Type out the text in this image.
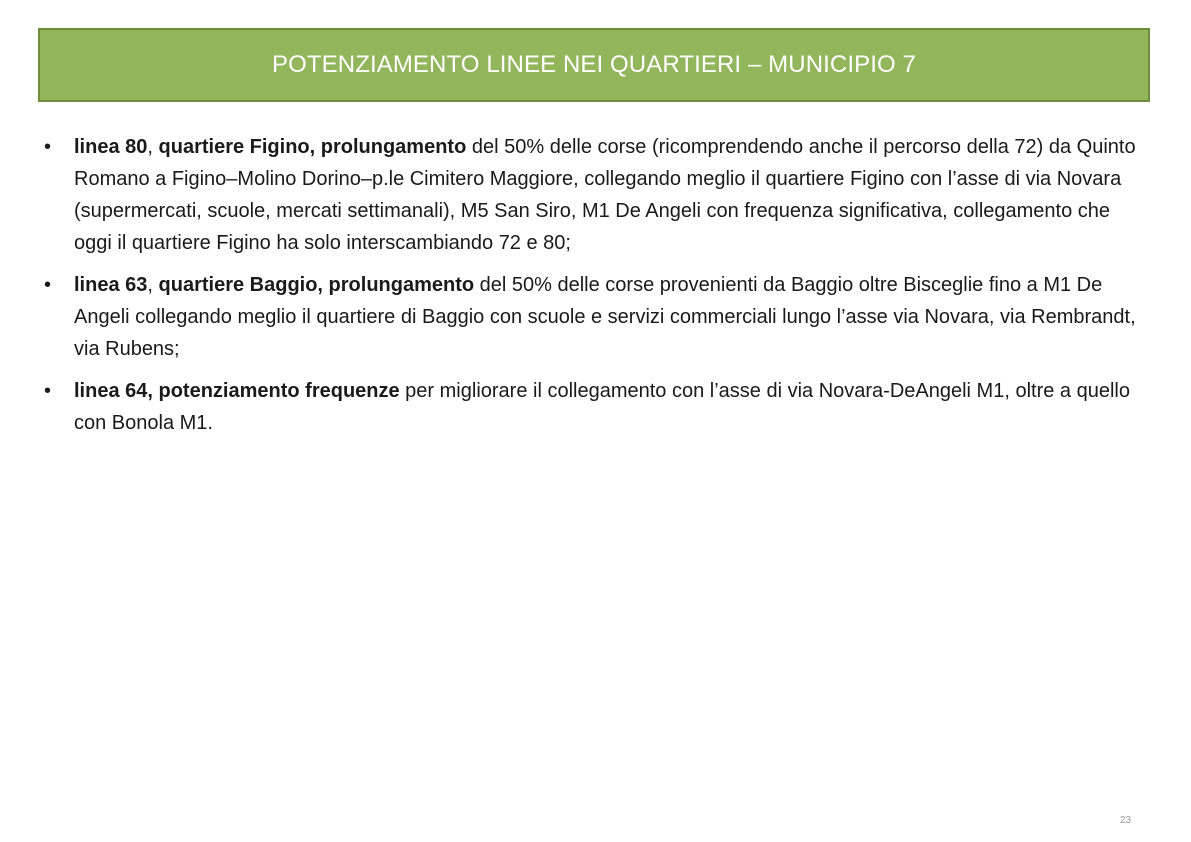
POTENZIAMENTO LINEE NEI QUARTIERI – MUNICIPIO 7
•	linea 80, quartiere Figino, prolungamento del 50% delle corse (ricomprendendo anche il percorso della 72) da Quinto Romano a Figino–Molino Dorino–p.le Cimitero Maggiore, collegando meglio il quartiere Figino con l’asse di via Novara (supermercati, scuole, mercati settimanali), M5 San Siro, M1 De Angeli con frequenza significativa, collegamento che oggi il quartiere Figino ha solo interscambiando 72 e 80;
•	linea 63, quartiere Baggio, prolungamento del 50% delle corse provenienti da Baggio oltre Bisceglie fino a M1 De Angeli collegando meglio il quartiere di Baggio con scuole e servizi commerciali lungo l’asse via Novara, via Rembrandt, via Rubens;
•	linea 64, potenziamento frequenze per migliorare il collegamento con l’asse di via Novara-DeAngeli M1, oltre a quello con Bonola M1.
23
